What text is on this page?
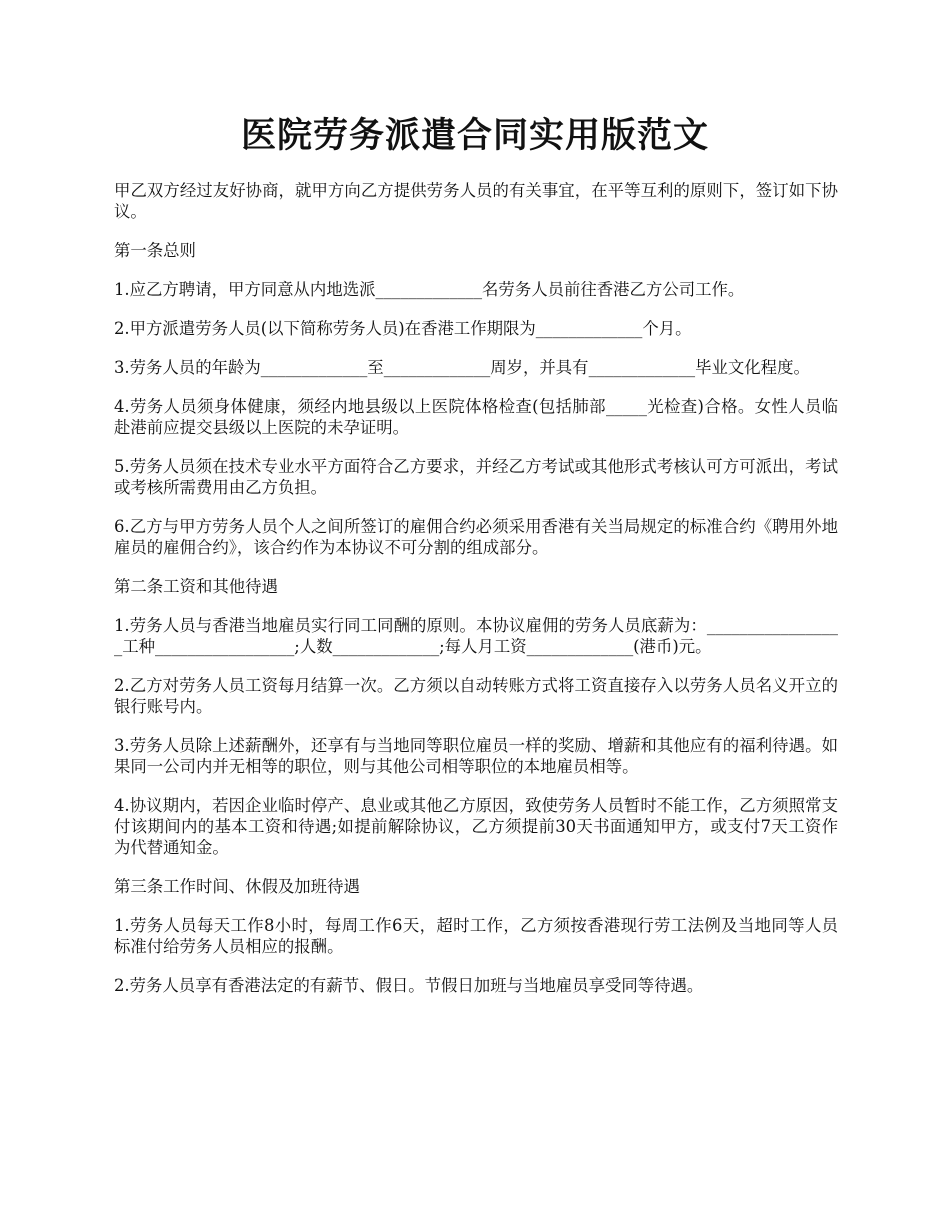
医院劳务派遣合同实用版范文

甲乙双方经过友好协商，就甲方向乙方提供劳务人员的有关事宜，在平等互利的原则下，签订如下协议。

第一条总则

1.应乙方聘请，甲方同意从内地选派_____________名劳务人员前往香港乙方公司工作。

2.甲方派遣劳务人员(以下简称劳务人员)在香港工作期限为_____________个月。

3.劳务人员的年龄为_____________至_____________周岁，并具有_____________毕业文化程度。

4.劳务人员须身体健康，须经内地县级以上医院体格检查(包括肺部_____光检查)合格。女性人员临赴港前应提交县级以上医院的未孕证明。

5.劳务人员须在技术专业水平方面符合乙方要求，并经乙方考试或其他形式考核认可方可派出，考试或考核所需费用由乙方负担。

6.乙方与甲方劳务人员个人之间所签订的雇佣合约必须采用香港有关当局规定的标准合约《聘用外地雇员的雇佣合约》，该合约作为本协议不可分割的组成部分。

第二条工资和其他待遇

1.劳务人员与香港当地雇员实行同工同酬的原则。本协议雇佣的劳务人员底薪为：_________________工种_________________;人数_____________;每人月工资_____________(港币)元。

2.乙方对劳务人员工资每月结算一次。乙方须以自动转账方式将工资直接存入以劳务人员名义开立的银行账号内。

3.劳务人员除上述薪酬外，还享有与当地同等职位雇员一样的奖励、增薪和其他应有的福利待遇。如果同一公司内并无相等的职位，则与其他公司相等职位的本地雇员相等。

4.协议期内，若因企业临时停产、息业或其他乙方原因，致使劳务人员暂时不能工作，乙方须照常支付该期间内的基本工资和待遇;如提前解除协议，乙方须提前30天书面通知甲方，或支付7天工资作为代替通知金。

第三条工作时间、休假及加班待遇

1.劳务人员每天工作8小时，每周工作6天，超时工作，乙方须按香港现行劳工法例及当地同等人员标准付给劳务人员相应的报酬。

2.劳务人员享有香港法定的有薪节、假日。节假日加班与当地雇员享受同等待遇。
